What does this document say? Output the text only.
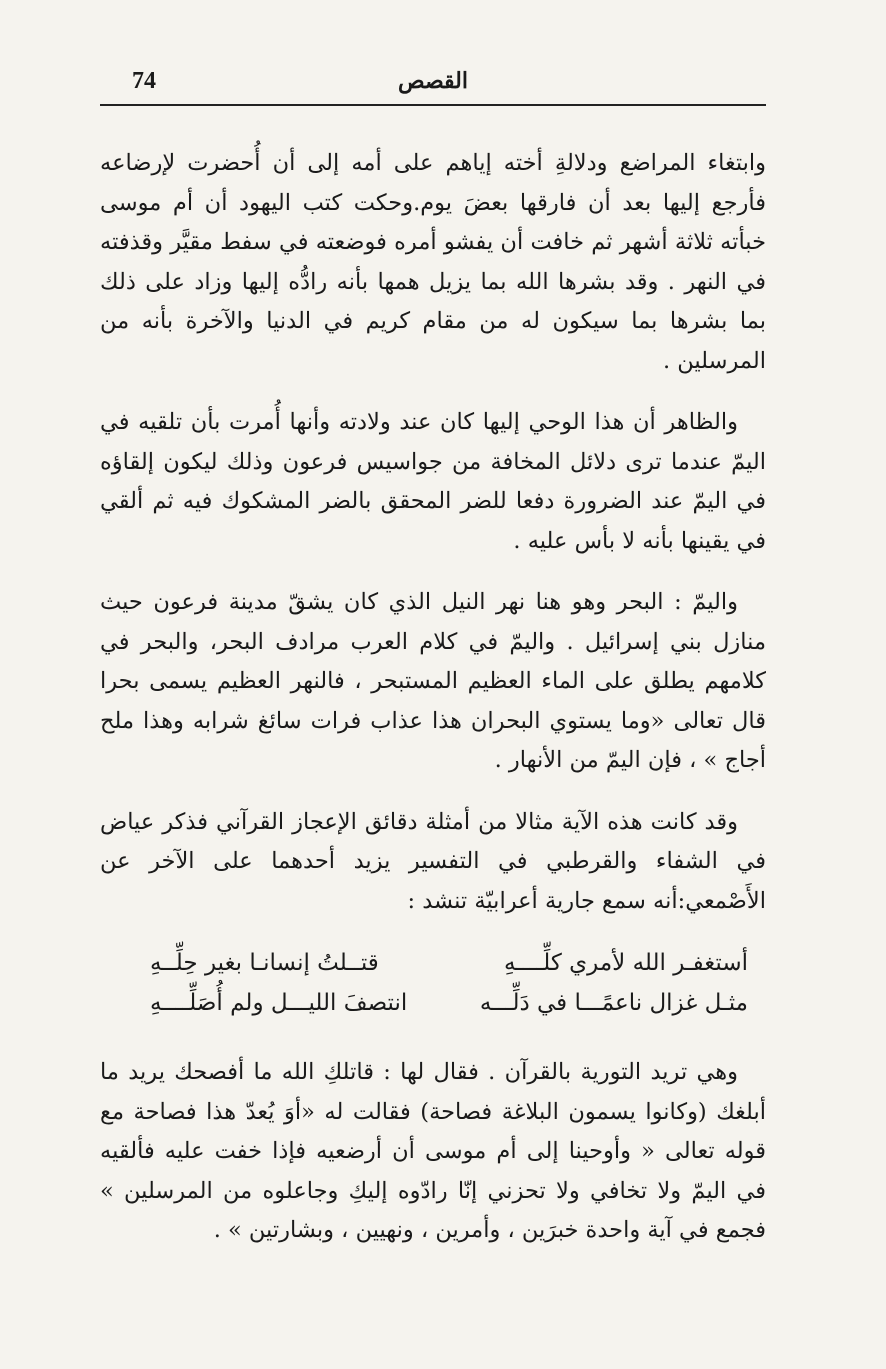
74	القصص

وابتغاء المراضع ودلالةِ أخته إياهم على أمه إلى أن أُحضرت لإرضاعه فأرجع إليها بعد أن فارقها بعضَ يوم.وحكت كتب اليهود أن أم موسى خبأته ثلاثة أشهر ثم خافت أن يفشو أمره فوضعته في سفط مقيَّر وقذفته في النهر . وقد بشرها الله بما يزيل همها بأنه رادُّه إليها وزاد على ذلك بما بشرها بما سيكون له من مقام كريم في الدنيا والآخرة بأنه من المرسلين .

والظاهر أن هذا الوحي إليها كان عند ولادته وأنها أُمرت بأن تلقيه في اليمّ عندما ترى دلائل المخافة من جواسيس فرعون وذلك ليكون إلقاؤه في اليمّ عند الضرورة دفعا للضر المحقق بالضر المشكوك فيه ثم ألقي في يقينها بأنه لا بأس عليه .

واليمّ : البحر وهو هنا نهر النيل الذي كان يشقّ مدينة فرعون حيث منازل بني إسرائيل . واليمّ في كلام العرب مرادف البحر، والبحر في كلامهم يطلق على الماء العظيم المستبحر ، فالنهر العظيم يسمى بحرا قال تعالى «وما يستوي البحران هذا عذاب فرات سائغ شرابه وهذا ملح أجاج » ، فإن اليمّ من الأنهار .

وقد كانت هذه الآية مثالا من أمثلة دقائق الإعجاز القرآني فذكر عياض في الشفاء والقرطبي في التفسير يزيد أحدهما على الآخر عن الأَصْمعي:أنه سمع جارية أعرابيّة تنشد :

أستغفـر الله لأمري كلِّــــهِ
قتــلتُ إنسانـا بغير حِلِّــهِ
مثـل غزال ناعمًـــا في دَلِّـــه
انتصفَ الليـــل ولم أُصَلِّــــهِ

وهي تريد التورية بالقرآن . فقال لها : قاتلكِ الله ما أفصحك يريد ما أبلغك (وكانوا يسمون البلاغة فصاحة) فقالت له «أوَ يُعدّ هذا فصاحة مع قوله تعالى « وأوحينا إلى أم موسى أن أرضعيه فإذا خفت عليه فألقيه في اليمّ ولا تخافي ولا تحزني إنّا رادّوه إليكِ وجاعلوه من المرسلين » فجمع في آية واحدة خبرَين ، وأمرين ، ونهيين ، وبشارتين » .
